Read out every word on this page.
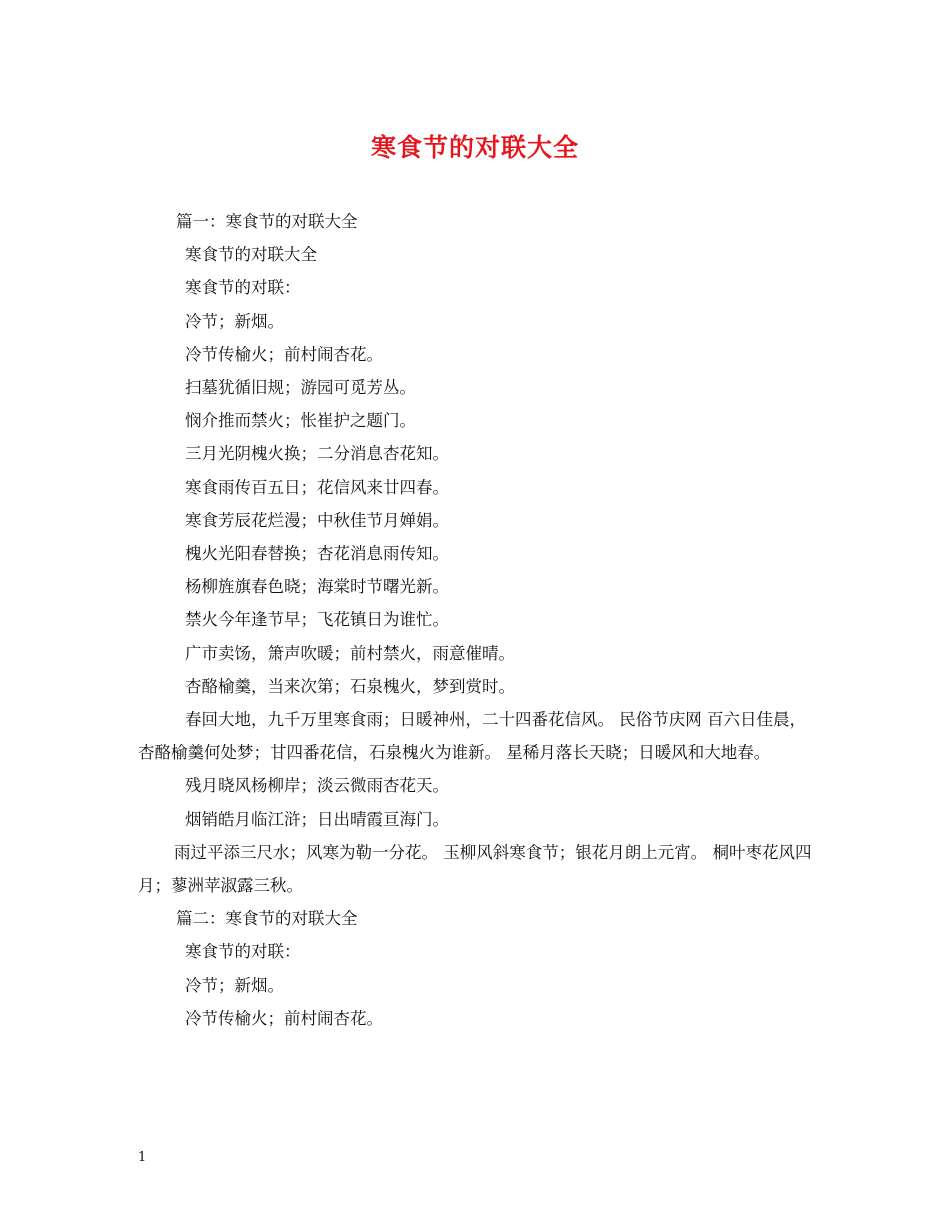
寒食节的对联大全
篇一：寒食节的对联大全
寒食节的对联大全
寒食节的对联：
冷节；新烟。
冷节传榆火；前村闹杏花。
扫墓犹循旧规；游园可觅芳丛。
悯介推而禁火；怅崔护之题门。
三月光阴槐火换；二分消息杏花知。
寒食雨传百五日；花信风来廿四春。
寒食芳辰花烂漫；中秋佳节月婵娟。
槐火光阳春替换；杏花消息雨传知。
杨柳旌旗春色晓；海棠时节曙光新。
禁火今年逢节早；飞花镇日为谁忙。
广市卖饧，箫声吹暖；前村禁火，雨意催晴。
杏酪榆羹，当来次第；石泉槐火，梦到赏时。
春回大地，九千万里寒食雨；日暖神州，二十四番花信风。 民俗节庆网 百六日佳晨，杏酪榆羹何处梦；甘四番花信，石泉槐火为谁新。 星稀月落长天晓；日暖风和大地春。
残月晓风杨柳岸；淡云微雨杏花天。
烟销皓月临江浒；日出晴霞亘海门。
雨过平添三尺水；风寒为勒一分花。 玉柳风斜寒食节；银花月朗上元宵。 桐叶枣花风四月；蓼洲苹淑露三秋。
篇二：寒食节的对联大全
寒食节的对联：
冷节；新烟。
冷节传榆火；前村闹杏花。
1
